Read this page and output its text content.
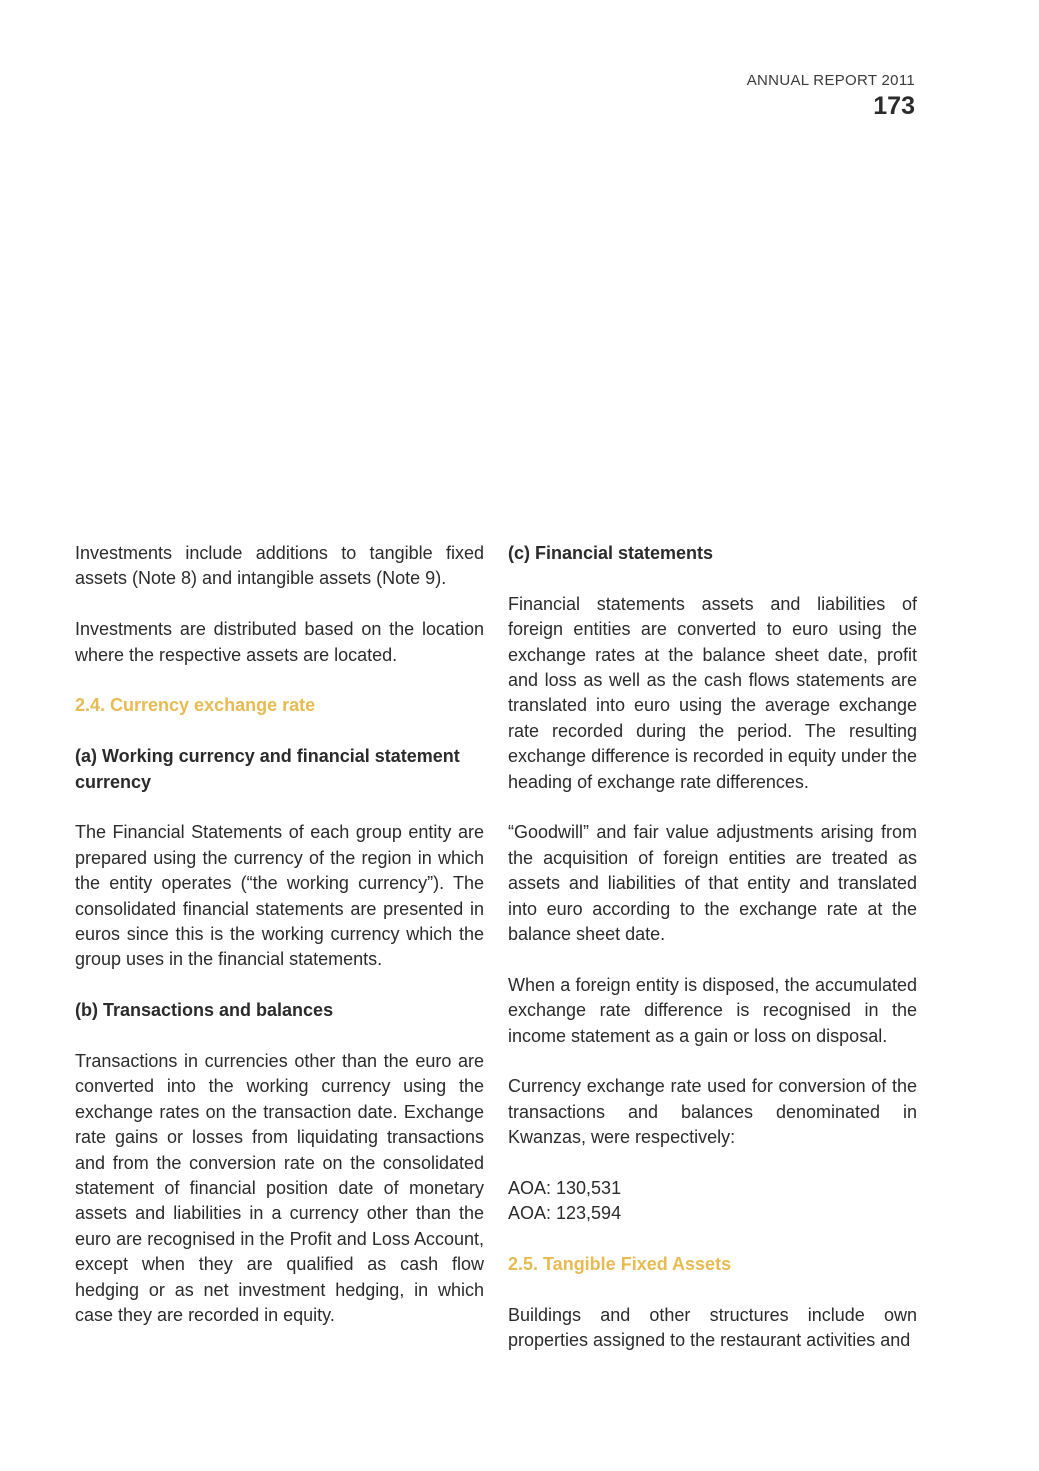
ANNUAL REPORT 2011
173

Investments include additions to tangible fixed assets (Note 8) and intangible assets (Note 9).

Investments are distributed based on the location where the respective assets are located.

2.4. Currency exchange rate
(a) Working currency and financial statement currency

The Financial Statements of each group entity are prepared using the currency of the region in which the entity operates (“the working currency”). The consolidated financial statements are presented in euros since this is the working currency which the group uses in the financial statements.

(b) Transactions and balances

Transactions in currencies other than the euro are converted into the working currency using the exchange rates on the transaction date. Exchange rate gains or losses from liquidating transactions and from the conversion rate on the consolidated statement of financial position date of monetary assets and liabilities in a currency other than the euro are recognised in the Profit and Loss Account, except when they are qualified as cash flow hedging or as net investment hedging, in which case they are recorded in equity.

(c) Financial statements

Financial statements assets and liabilities of foreign entities are converted to euro using the exchange rates at the balance sheet date, profit and loss as well as the cash flows statements are translated into euro using the average exchange rate recorded during the period. The resulting exchange difference is recorded in equity under the heading of exchange rate differences.

“Goodwill” and fair value adjustments arising from the acquisition of foreign entities are treated as assets and liabilities of that entity and translated into euro according to the exchange rate at the balance sheet date.

When a foreign entity is disposed, the accumulated exchange rate difference is recognised in the income statement as a gain or loss on disposal.

Currency exchange rate used for conversion of the transactions and balances denominated in Kwanzas, were respectively:

AOA: 130,531

AOA: 123,594

2.5. Tangible Fixed Assets

Buildings and other structures include own properties assigned to the restaurant activities and
